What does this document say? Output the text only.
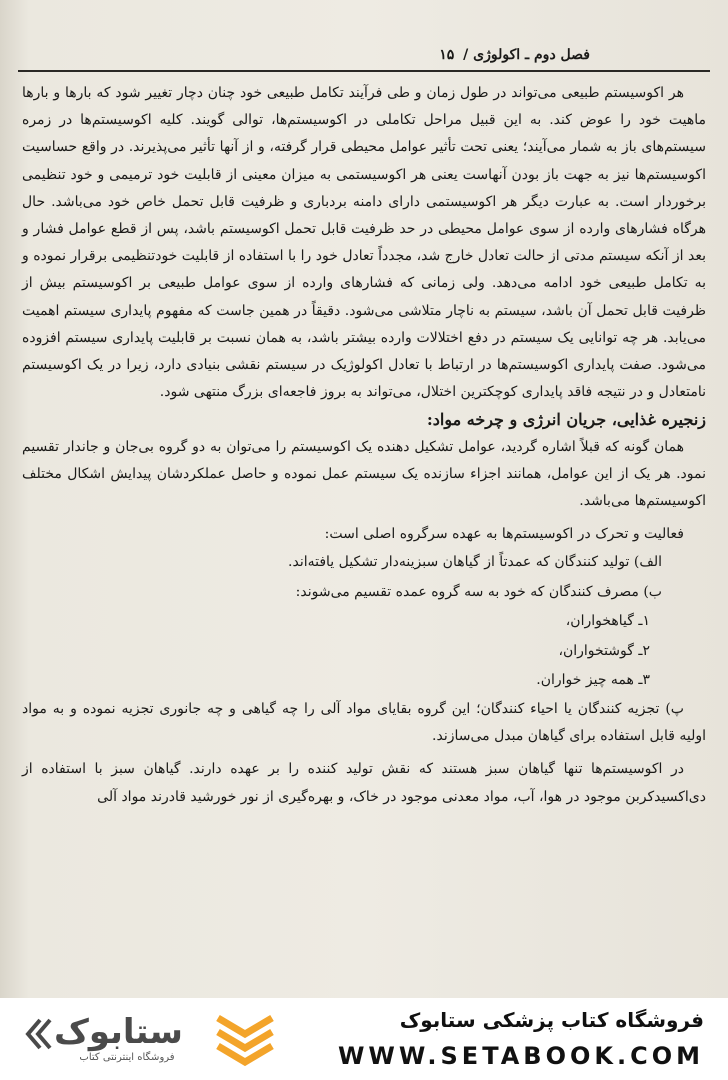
فصل دوم ـ اکولوژی / ۱۵

هر اکوسیستم طبیعی می‌تواند در طول زمان و طی فرآیند تکامل طبیعی خود چنان دچار تغییر شود که بارها و بارها ماهیت خود را عوض کند. به این قبیل مراحل تکاملی در اکوسیستم‌ها، توالی گویند. کلیه اکوسیستم‌ها در زمره سیستم‌های باز به شمار می‌آیند؛ یعنی تحت تأثیر عوامل محیطی قرار گرفته، و از آنها تأثیر می‌پذیرند. در واقع حساسیت اکوسیستم‌ها نیز به جهت باز بودن آنهاست یعنی هر اکوسیستمی به میزان معینی از قابلیت خود ترمیمی و خود تنظیمی برخوردار است. به عبارت دیگر هر اکوسیستمی دارای دامنه بردباری و ظرفیت قابل تحمل خاص خود می‌باشد. حال هرگاه فشارهای وارده از سوی عوامل محیطی در حد ظرفیت قابل تحمل اکوسیستم باشد، پس از قطع عوامل فشار و بعد از آنکه سیستم مدتی از حالت تعادل خارج شد، مجدداً تعادل خود را با استفاده از قابلیت خودتنظیمی برقرار نموده و به تکامل طبیعی خود ادامه می‌دهد. ولی زمانی که فشارهای وارده از سوی عوامل طبیعی بر اکوسیستم بیش از ظرفیت قابل تحمل آن باشد، سیستم به ناچار متلاشی می‌شود. دقیقاً در همین جاست که مفهوم پایداری سیستم اهمیت می‌یابد. هر چه توانایی یک سیستم در دفع اختلالات وارده بیشتر باشد، به همان نسبت بر قابلیت پایداری سیستم افزوده می‌شود. صفت پایداری اکوسیستم‌ها در ارتباط با تعادل اکولوژیک در سیستم نقشی بنیادی دارد، زیرا در یک اکوسیستم نامتعادل و در نتیجه فاقد پایداری کوچکترین اختلال، می‌تواند به بروز فاجعه‌ای بزرگ منتهی شود.

زنجیره غذایی، جریان انرژی و چرخه مواد:

همان گونه که قبلاً اشاره گردید، عوامل تشکیل دهنده یک اکوسیستم را می‌توان به دو گروه بی‌جان و جاندار تقسیم نمود. هر یک از این عوامل، همانند اجزاء سازنده یک سیستم عمل نموده و حاصل عملکردشان پیدایش اشکال مختلف اکوسیستم‌ها می‌باشد.

فعالیت و تحرک در اکوسیستم‌ها به عهده سرگروه اصلی است:

الف) تولید کنندگان که عمدتاً از گیاهان سبزینه‌دار تشکیل یافته‌اند.

ب) مصرف کنندگان که خود به سه گروه عمده تقسیم می‌شوند:

۱ـ گیاهخواران،

۲ـ گوشتخواران،

۳ـ همه چیز خواران.

پ) تجزیه کنندگان یا احیاء کنندگان؛ این گروه بقایای مواد آلی را چه گیاهی و چه جانوری تجزیه نموده و به مواد اولیه قابل استفاده برای گیاهان مبدل می‌سازند.

در اکوسیستم‌ها تنها گیاهان سبز هستند که نقش تولید کننده را بر عهده دارند. گیاهان سبز با استفاده از دی‌اکسیدکربن موجود در هوا، آب، مواد معدنی موجود در خاک، و بهره‌گیری از نور خورشید قادرند مواد آلی

ستابوک
فروشگاه اینترنتی کتاب
فروشگاه کتاب پزشکی ستابوک
WWW.SETABOOK.COM
